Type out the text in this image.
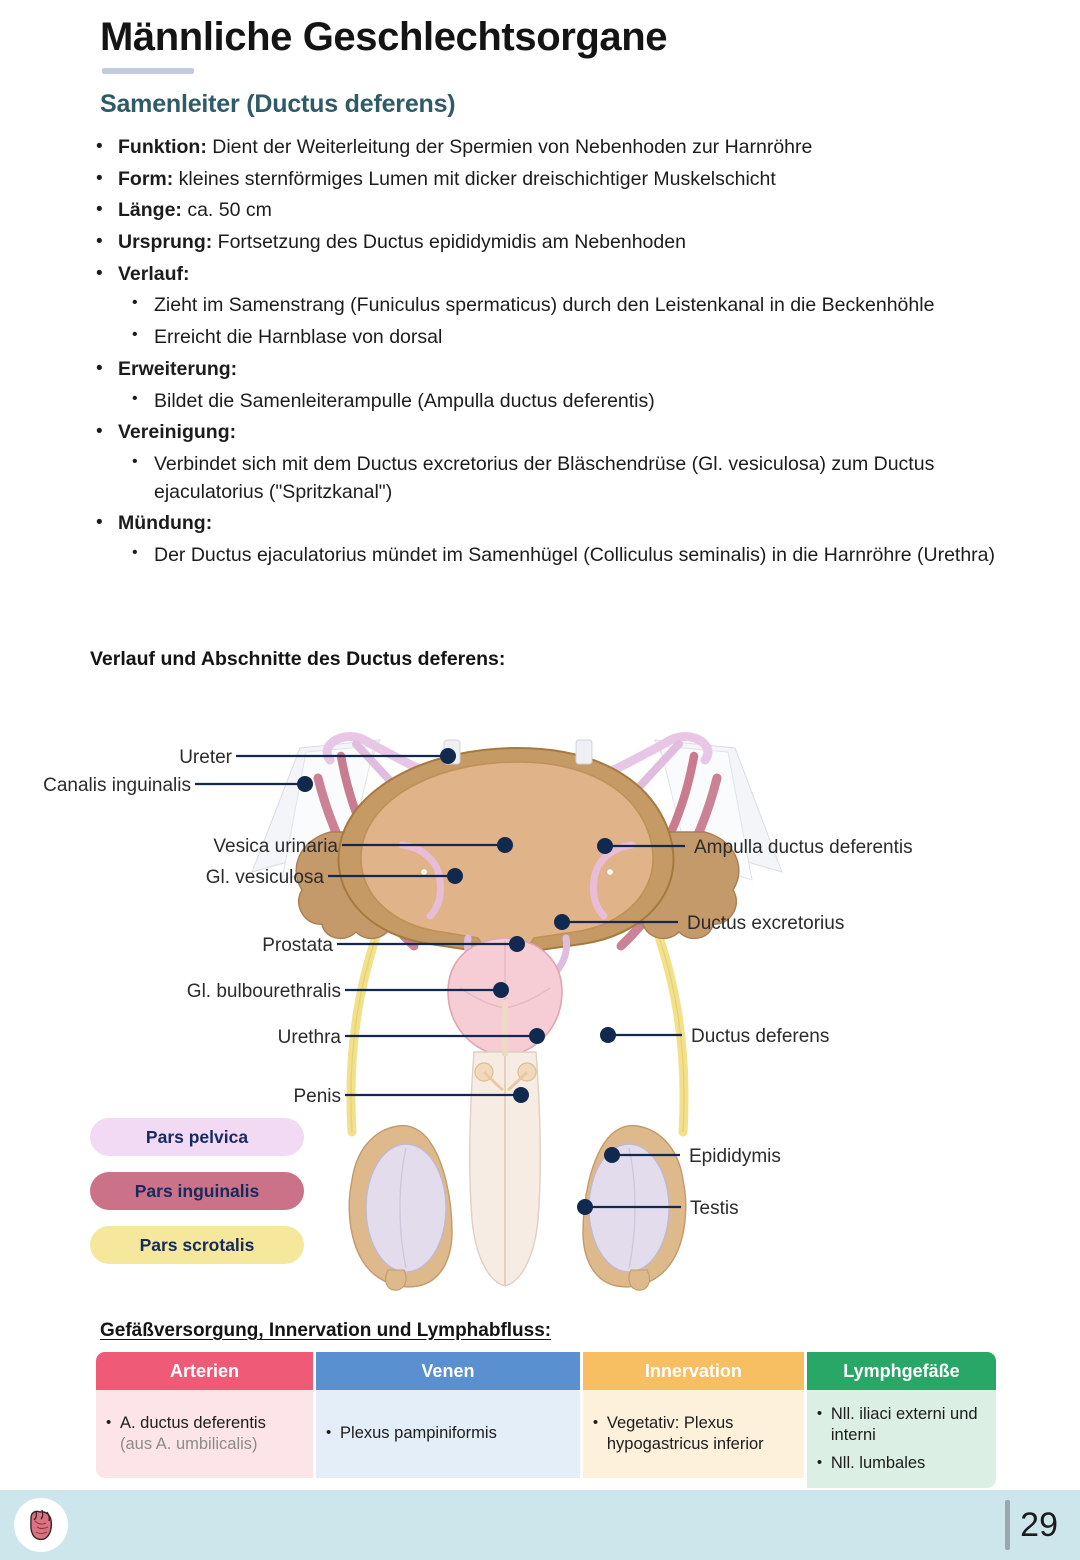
Männliche Geschlechtsorgane
Samenleiter (Ductus deferens)
• Funktion: Dient der Weiterleitung der Spermien von Nebenhoden zur Harnröhre
• Form: kleines sternförmiges Lumen mit dicker dreischichtiger Muskelschicht
• Länge: ca. 50 cm
• Ursprung: Fortsetzung des Ductus epididymidis am Nebenhoden
• Verlauf:
• Zieht im Samenstrang (Funiculus spermaticus) durch den Leistenkanal in die Beckenhöhle
• Erreicht die Harnblase von dorsal
• Erweiterung:
• Bildet die Samenleiterampulle (Ampulla ductus deferentis)
• Vereinigung:
• Verbindet sich mit dem Ductus excretorius der Bläschendrüse (Gl. vesiculosa) zum Ductus ejaculatorius ("Spritzkanal")
• Mündung:
• Der Ductus ejaculatorius mündet im Samenhügel (Colliculus seminalis) in die Harnröhre (Urethra)
Verlauf und Abschnitte des Ductus deferens:
Ureter
Canalis inguinalis
Vesica urinaria
Gl. vesiculosa
Prostata
Gl. bulbourethralis
Urethra
Penis
Ampulla ductus deferentis
Ductus excretorius
Ductus deferens
Epididymis
Testis
Pars pelvica
Pars inguinalis
Pars scrotalis
Gefäßversorgung, Innervation und Lymphabfluss:
Arterien
• A. ductus deferentis
(aus A. umbilicalis)
Venen
• Plexus pampiniformis
Innervation
• Vegetativ: Plexus hypogastricus inferior
Lymphgefäße
• Nll. iliaci externi und interni
• Nll. lumbales
29
